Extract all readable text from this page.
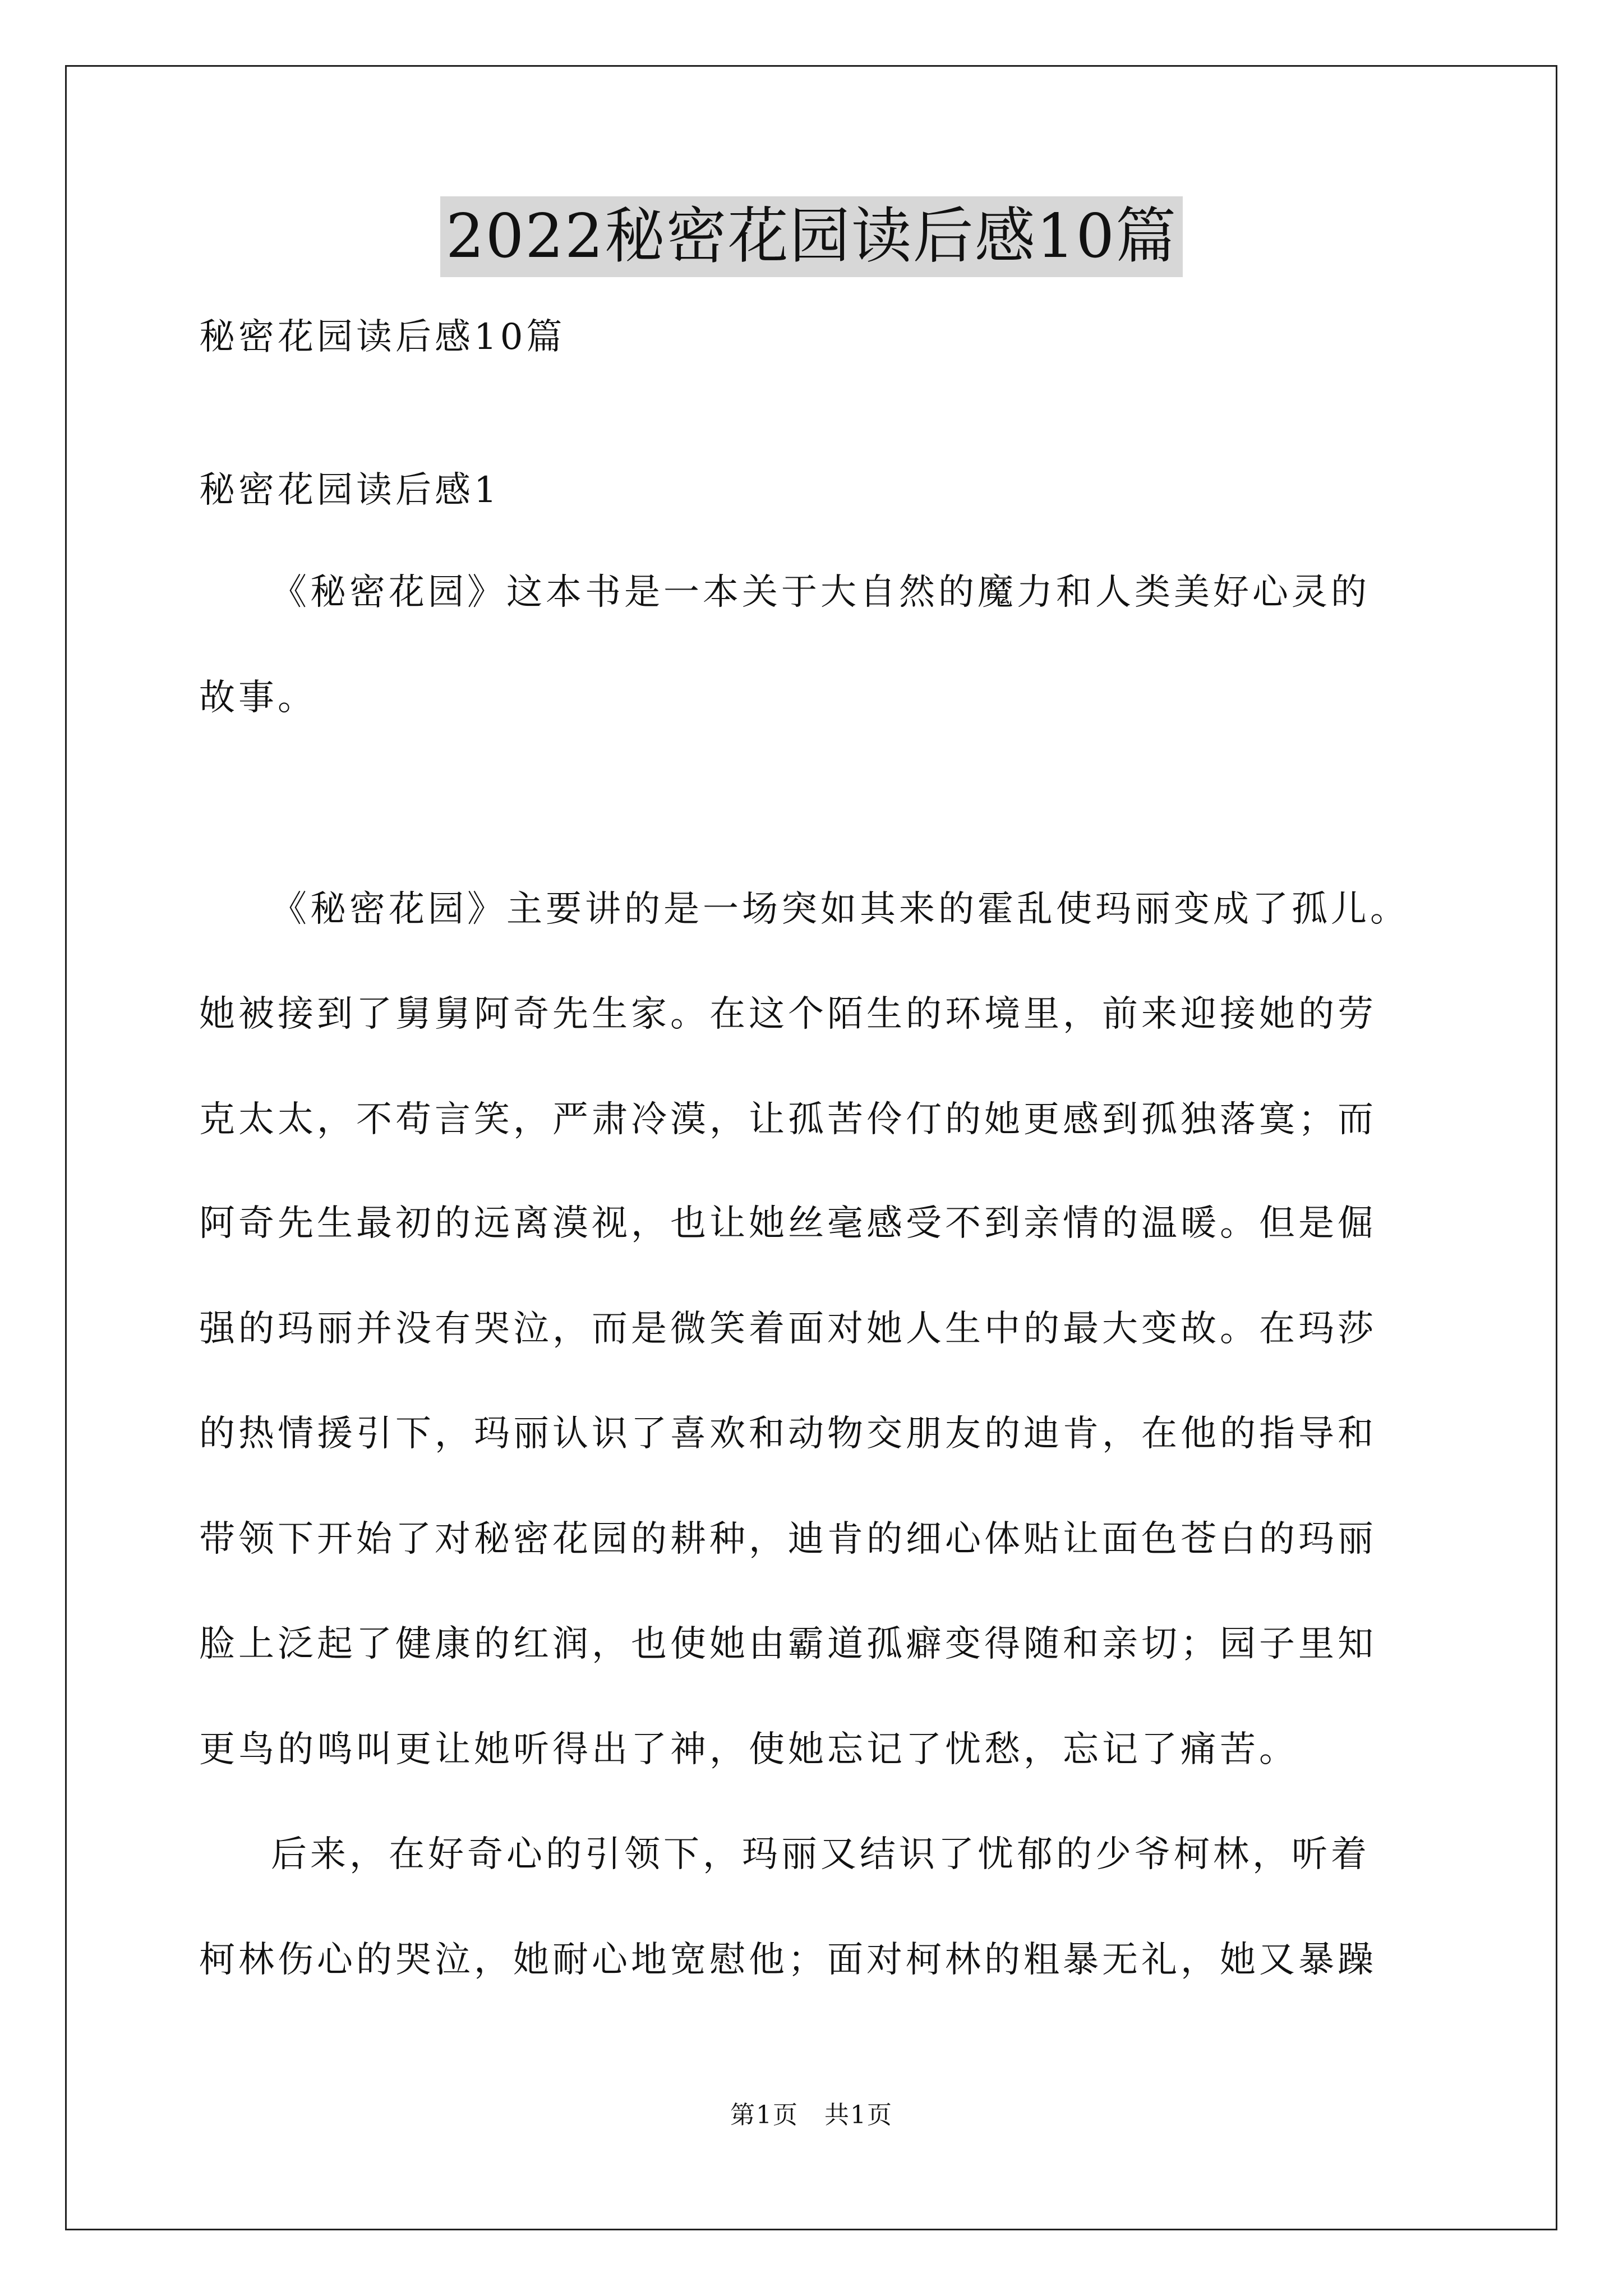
2022秘密花园读后感10篇
秘密花园读后感10篇
秘密花园读后感1
《秘密花园》这本书是一本关于大自然的魔力和人类美好心灵的
故事。
《秘密花园》主要讲的是一场突如其来的霍乱使玛丽变成了孤儿。
她被接到了舅舅阿奇先生家。在这个陌生的环境里，前来迎接她的劳
克太太，不苟言笑，严肃冷漠，让孤苦伶仃的她更感到孤独落寞；而
阿奇先生最初的远离漠视，也让她丝毫感受不到亲情的温暖。但是倔
强的玛丽并没有哭泣，而是微笑着面对她人生中的最大变故。在玛莎
的热情援引下，玛丽认识了喜欢和动物交朋友的迪肯，在他的指导和
带领下开始了对秘密花园的耕种，迪肯的细心体贴让面色苍白的玛丽
脸上泛起了健康的红润，也使她由霸道孤癖变得随和亲切；园子里知
更鸟的鸣叫更让她听得出了神，使她忘记了忧愁，忘记了痛苦。
后来，在好奇心的引领下，玛丽又结识了忧郁的少爷柯林，听着
柯林伤心的哭泣，她耐心地宽慰他；面对柯林的粗暴无礼，她又暴躁
第1页　共1页
